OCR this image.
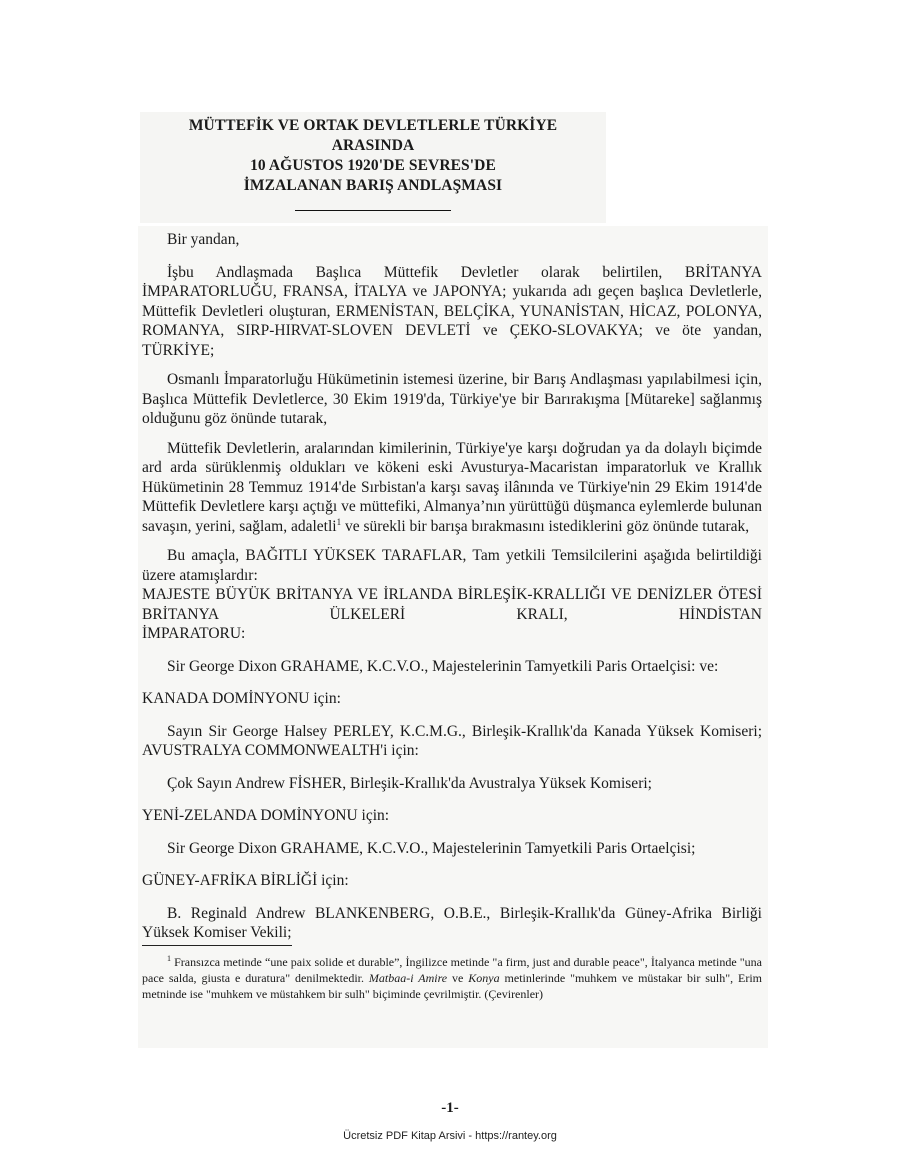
MÜTTEFİK VE ORTAK DEVLETLERLE TÜRKİYE
ARASINDA
10 AĞUSTOS 1920'DE SEVRES'DE
İMZALANAN BARIŞ ANDLAŞMASI

Bir yandan,

İşbu Andlaşmada Başlıca Müttefik Devletler olarak belirtilen, BRİTANYA İMPARATORLUĞU, FRANSA, İTALYA ve JAPONYA; yukarıda adı geçen başlıca Devletlerle, Müttefik Devletleri oluşturan, ERMENİSTAN, BELÇİKA, YUNANİSTAN, HİCAZ, POLONYA, ROMANYA, SIRP-HIRVAT-SLOVEN DEVLETİ ve ÇEKO-SLOVAKYA; ve öte yandan, TÜRKİYE;

Osmanlı İmparatorluğu Hükümetinin istemesi üzerine, bir Barış Andlaşması yapılabilmesi için, Başlıca Müttefik Devletlerce, 30 Ekim 1919'da, Türkiye'ye bir Barırakışma [Mütareke] sağlanmış olduğunu göz önünde tutarak,

Müttefik Devletlerin, aralarından kimilerinin, Türkiye'ye karşı doğrudan ya da dolaylı biçimde ard arda sürüklenmiş oldukları ve kökeni eski Avusturya-Macaristan imparatorluk ve Krallık Hükümetinin 28 Temmuz 1914'de Sırbistan'a karşı savaş ilânında ve Türkiye'nin 29 Ekim 1914'de Müttefik Devletlere karşı açtığı ve müttefiki, Almanya’nın yürüttüğü düşmanca eylemlerde bulunan savaşın, yerini, sağlam, adaletli$^1$ ve sürekli bir barışa bırakmasını istediklerini göz önünde tutarak,

Bu amaçla, BAĞITLI YÜKSEK TARAFLAR, Tam yetkili Temsilcilerini aşağıda belirtildiği üzere atamışlardır:

MAJESTE BÜYÜK BRİTANYA VE İRLANDA BİRLEŞİK-KRALLIĞI VE DENİZLER ÖTESİ BRİTANYA ÜLKELERİ KRALI, HİNDİSTAN

İMPARATORU:

Sir George Dixon GRAHAME, K.C.V.O., Majestelerinin Tamyetkili Paris Ortaelçisi: ve:

KANADA DOMİNYONU için:

Sayın Sir George Halsey PERLEY, K.C.M.G., Birleşik-Krallık'da Kanada Yüksek Komiseri; AVUSTRALYA COMMONWEALTH'i için:

Çok Sayın Andrew FİSHER, Birleşik-Krallık'da Avustralya Yüksek Komiseri;

YENİ-ZELANDA DOMİNYONU için:

Sir George Dixon GRAHAME, K.C.V.O., Majestelerinin Tamyetkili Paris Ortaelçisi;

GÜNEY-AFRİKA BİRLİĞİ için:

B. Reginald Andrew BLANKENBERG, O.B.E., Birleşik-Krallık'da Güney-Afrika Birliği Yüksek Komiser Vekili;

$^1$ Fransızca metinde “une paix solide et durable”, İngilizce metinde "a firm, just and durable peace", İtalyanca metinde "una pace salda, giusta e duratura" denilmektedir. Matbaa-i Amire ve Konya metinlerinde "muhkem ve müstakar bir sulh", Erim metninde ise "muhkem ve müstahkem bir sulh" biçiminde çevrilmiştir. (Çevirenler)

-1-
Ücretsiz PDF Kitap Arsivi - https://rantey.org
